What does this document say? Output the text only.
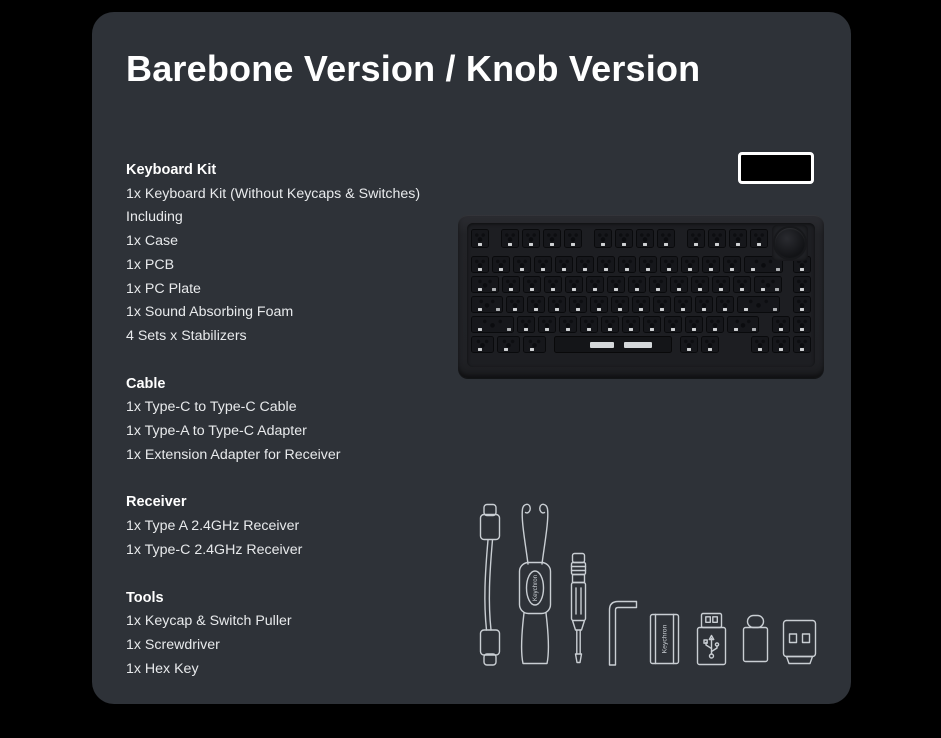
Barebone Version / Knob Version
Keyboard Kit

1x Keyboard Kit (Without Keycaps & Switches)

Including

1x Case

1x PCB

1x PC Plate

1x Sound Absorbing Foam

4 Sets x Stabilizers

Cable

1x Type-C to Type-C Cable

1x Type-A to Type-C Adapter

1x Extension Adapter for Receiver

Receiver

1x Type A 2.4GHz Receiver

1x Type-C 2.4GHz Receiver

Tools

1x Keycap & Switch Puller

1x Screwdriver

1x Hex Key

Keychron
Keychron
